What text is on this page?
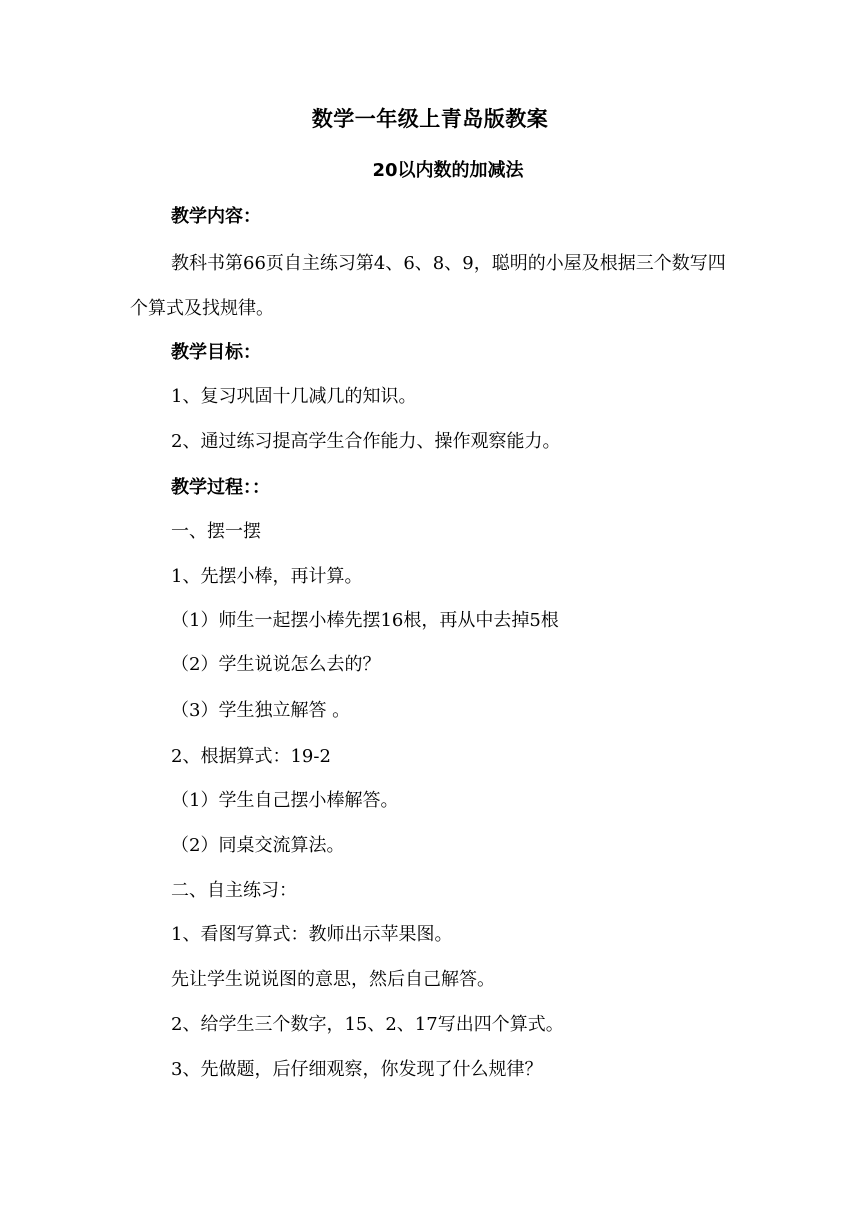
数学一年级上青岛版教案
20以内数的加减法
教学内容：
教科书第66页自主练习第4、6、8、9，聪明的小屋及根据三个数写四个算式及找规律。
教学目标：
1、复习巩固十几减几的知识。
2、通过练习提高学生合作能力、操作观察能力。
教学过程：：
一、摆一摆
1、先摆小棒，再计算。
（1）师生一起摆小棒先摆16根，再从中去掉5根
（2）学生说说怎么去的？
（3）学生独立解答 。
2、根据算式：19-2
（1）学生自己摆小棒解答。
（2）同桌交流算法。
二、自主练习：
1、看图写算式：教师出示苹果图。
先让学生说说图的意思，然后自己解答。
2、给学生三个数字，15、2、17写出四个算式。
3、先做题，后仔细观察，你发现了什么规律？
